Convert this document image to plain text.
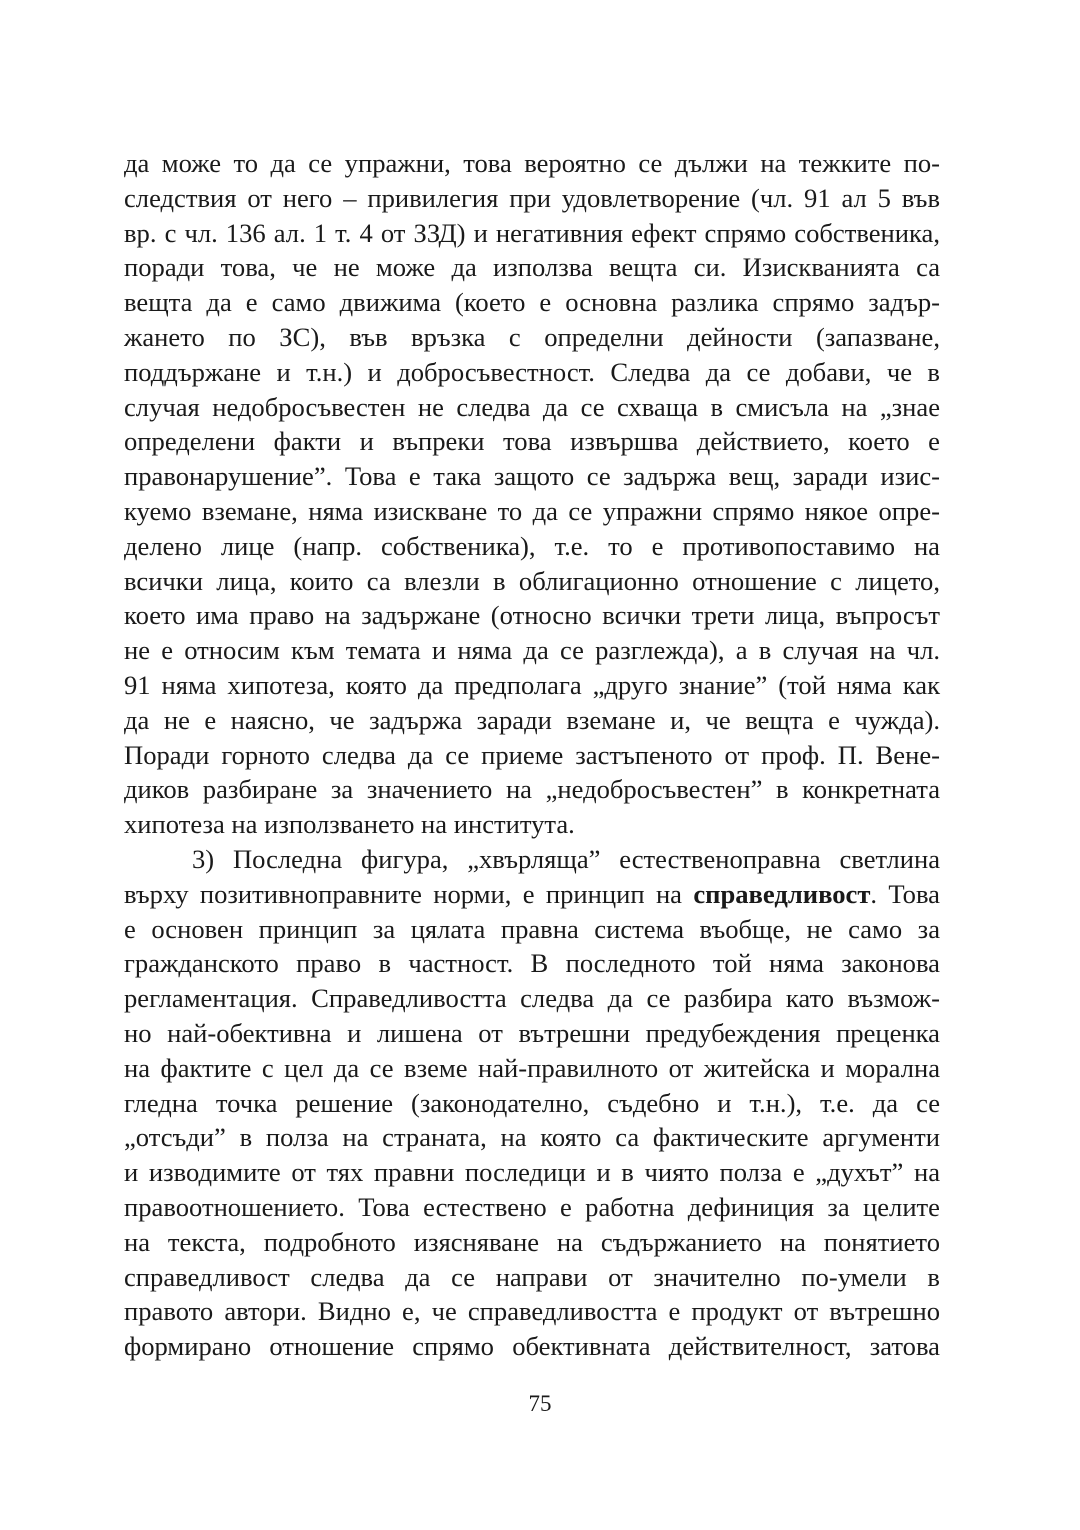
да може то да се упражни, това вероятно се дължи на тежките по-
следствия от него – привилегия при удовлетворение (чл. 91 ал 5 във
вр. с чл. 136 ал. 1 т. 4 от ЗЗД) и негативния ефект спрямо собственика,
поради това, че не може да използва вещта си. Изискванията са
вещта да е само движима (което е основна разлика спрямо задър-
жането по ЗС), във връзка с определни дейности (запазване,
поддържане и т.н.) и добросъвестност. Следва да се добави, че в
случая недобросъвестен не следва да се схваща в смисъла на „знае
определени факти и въпреки това извършва действието, което е
правонарушение”. Това е така защото се задържа вещ, заради изис-
куемо вземане, няма изискване то да се упражни спрямо някое опре-
делено лице (напр. собственика), т.е. то е противопоставимо на
всички лица, които са влезли в облигационно отношение с лицето,
което има право на задържане (относно всички трети лица, въпросът
не е относим към темата и няма да се разглежда), а в случая на чл.
91 няма хипотеза, която да предполага „друго знание” (той няма как
да не е наясно, че задържа заради вземане и, че вещта е чужда).
Поради горното следва да се приеме застъпеното от проф. П. Вене-
диков разбиране за значението на „недобросъвестен” в конкретната
хипотеза на използването на института.
3) Последна фигура, „хвърляща” естественоправна светлина
върху позитивноправните норми, е принцип на справедливост. Това
е основен принцип за цялата правна система въобще, не само за
гражданското право в частност. В последното той няма законова
регламентация. Справедливостта следва да се разбира като възмож-
но най-обективна и лишена от вътрешни предубеждения преценка
на фактите с цел да се вземе най-правилното от житейска и морална
гледна точка решение (законодателно, съдебно и т.н.), т.е. да се
„отсъди” в полза на страната, на която са фактическите аргументи
и изводимите от тях правни последици и в чиято полза е „духът” на
правоотношението. Това естествено е работна дефиниция за целите
на текста, подробното изясняване на съдържанието на понятието
справедливост следва да се направи от значително по-умели в
правото автори. Видно е, че справедливостта е продукт от вътрешно
формирано отношение спрямо обективната действителност, затова
75
